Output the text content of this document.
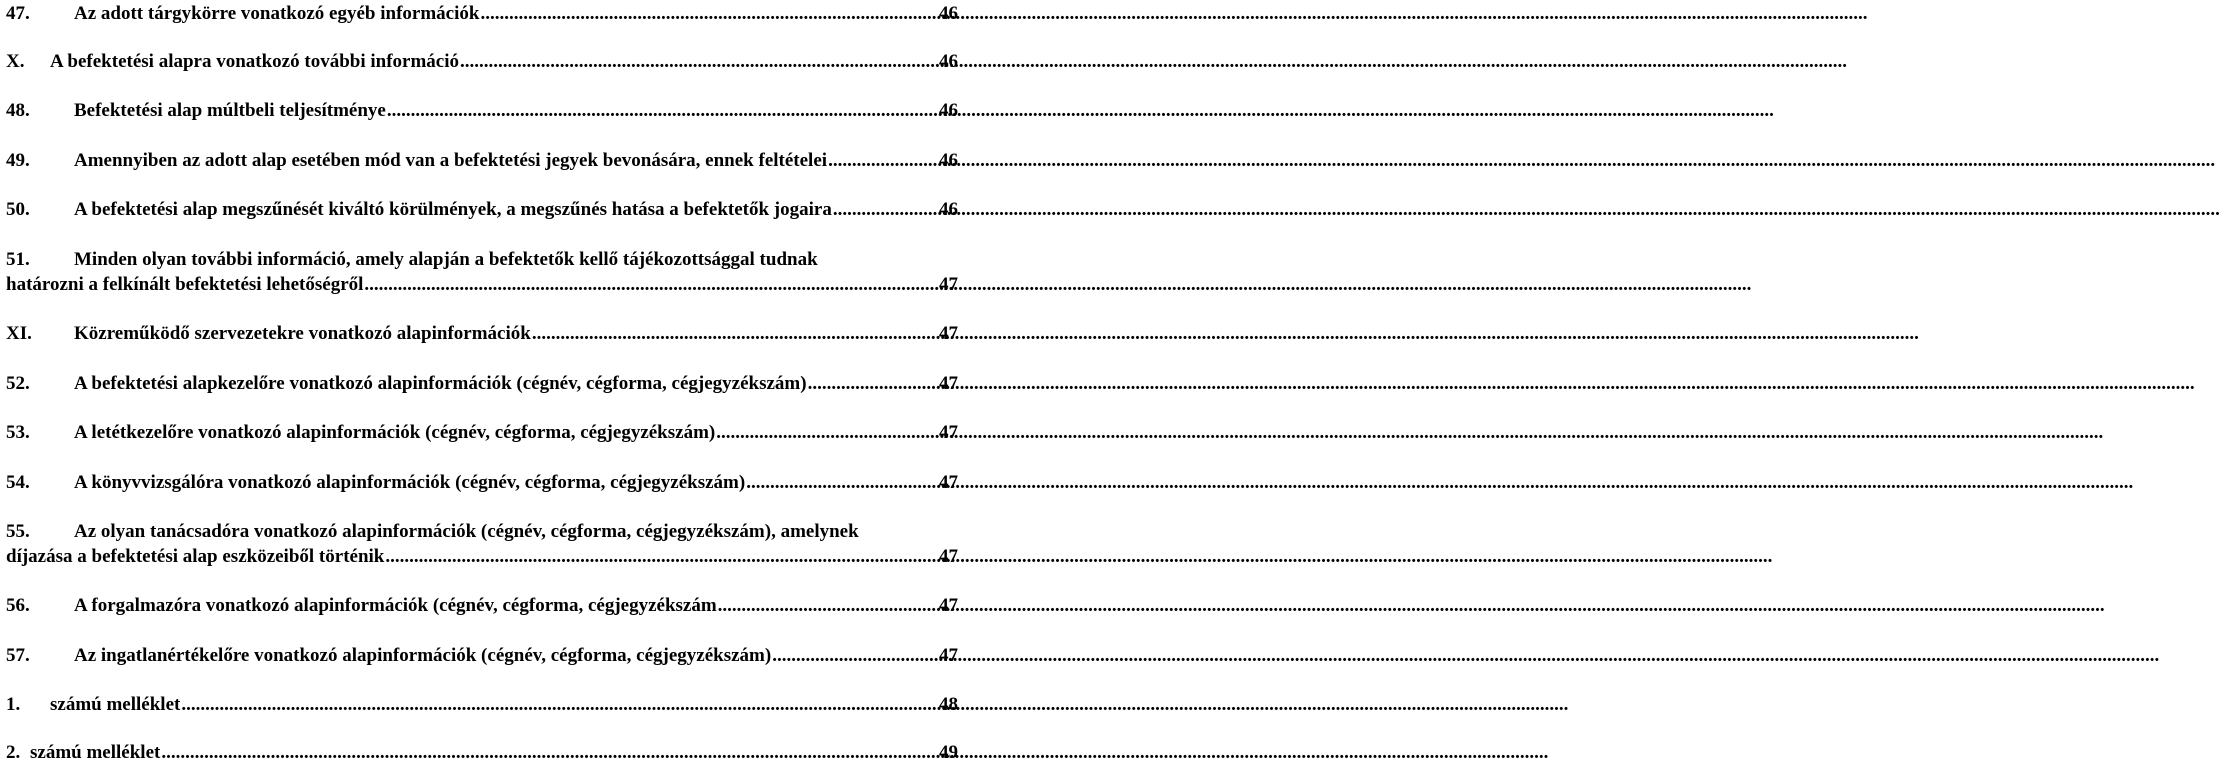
47.	Az adott tárgykörre vonatkozó egyéb információk .....	46
X.	A befektetési alapra vonatkozó további információ .....	46
48.	Befektetési alap múltbeli teljesítménye .....	46
49.	Amennyiben az adott alap esetében mód van a befektetési jegyek bevonására, ennek feltételei .....	46
50.	A befektetési alap megszűnését kiváltó körülmények, a megszűnés hatása a befektetők jogaira .....	46
51. Minden olyan további információ, amely alapján a befektetők kellő tájékozottsággal tudnak
határozni a felkínált befektetési lehetőségről .....	47
XI.	Közreműködő szervezetekre vonatkozó alapinformációk .....	47
52.	A befektetési alapkezelőre vonatkozó alapinformációk (cégnév, cégforma, cégjegyzékszám) .....	47
53.	A letétkezelőre vonatkozó alapinformációk (cégnév, cégforma, cégjegyzékszám) .....	47
54.	A könyvvizsgálóra vonatkozó alapinformációk (cégnév, cégforma, cégjegyzékszám) .....	47
55. Az olyan tanácsadóra vonatkozó alapinformációk (cégnév, cégforma, cégjegyzékszám), amelynek
díjazása a befektetési alap eszközeiből történik .....	47
56.	A forgalmazóra vonatkozó alapinformációk (cégnév, cégforma, cégjegyzékszám .....	47
57.	Az ingatlanértékelőre vonatkozó alapinformációk (cégnév, cégforma, cégjegyzékszám) .....	47
1.	számú melléklet .....	48
2. számú melléklet .....	49
